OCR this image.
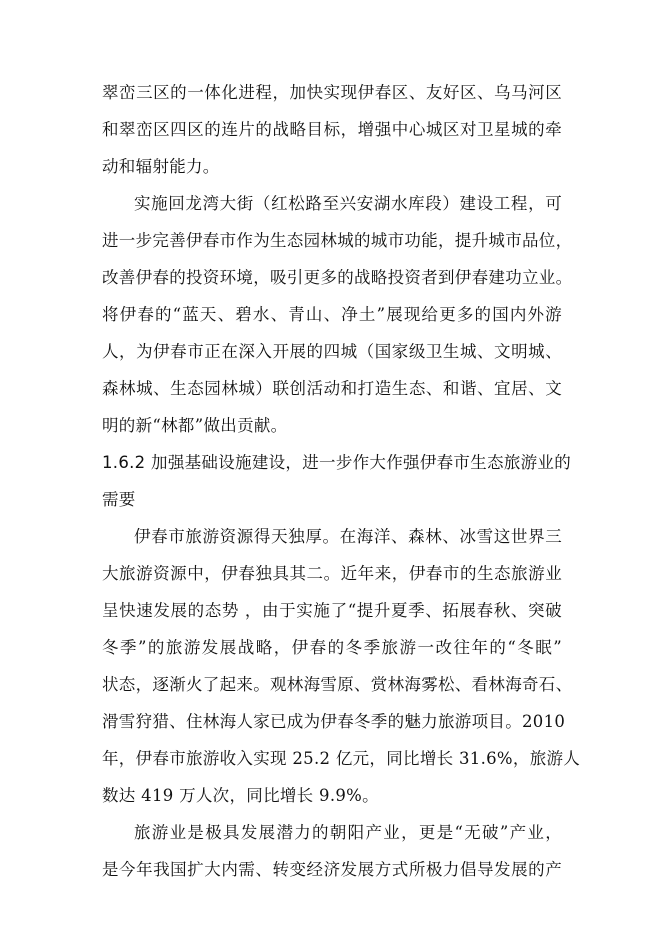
翠峦三区的一体化进程，加快实现伊春区、友好区、乌马河区
和翠峦区四区的连片的战略目标，增强中心城区对卫星城的牵
动和辐射能力。
实施回龙湾大街（红松路至兴安湖水库段）建设工程，可
进一步完善伊春市作为生态园林城的城市功能，提升城市品位，
改善伊春的投资环境，吸引更多的战略投资者到伊春建功立业。
将伊春的“蓝天、碧水、青山、净土”展现给更多的国内外游
人，为伊春市正在深入开展的四城（国家级卫生城、文明城、
森林城、生态园林城）联创活动和打造生态、和谐、宜居、文
明的新“林都”做出贡献。
1.6.2 加强基础设施建设，进一步作大作强伊春市生态旅游业的
需要
伊春市旅游资源得天独厚。在海洋、森林、冰雪这世界三
大旅游资源中，伊春独具其二。近年来，伊春市的生态旅游业
呈快速发展的态势 ，由于实施了“提升夏季、拓展春秋、突破
冬季”的旅游发展战略，伊春的冬季旅游一改往年的“冬眠”
状态，逐渐火了起来。观林海雪原、赏林海雾松、看林海奇石、
滑雪狩猎、住林海人家已成为伊春冬季的魅力旅游项目。2010
年，伊春市旅游收入实现 25.2 亿元，同比增长 31.6%，旅游人
数达 419 万人次，同比增长 9.9%。
旅游业是极具发展潜力的朝阳产业，更是“无破”产业，
是今年我国扩大内需、转变经济发展方式所极力倡导发展的产
